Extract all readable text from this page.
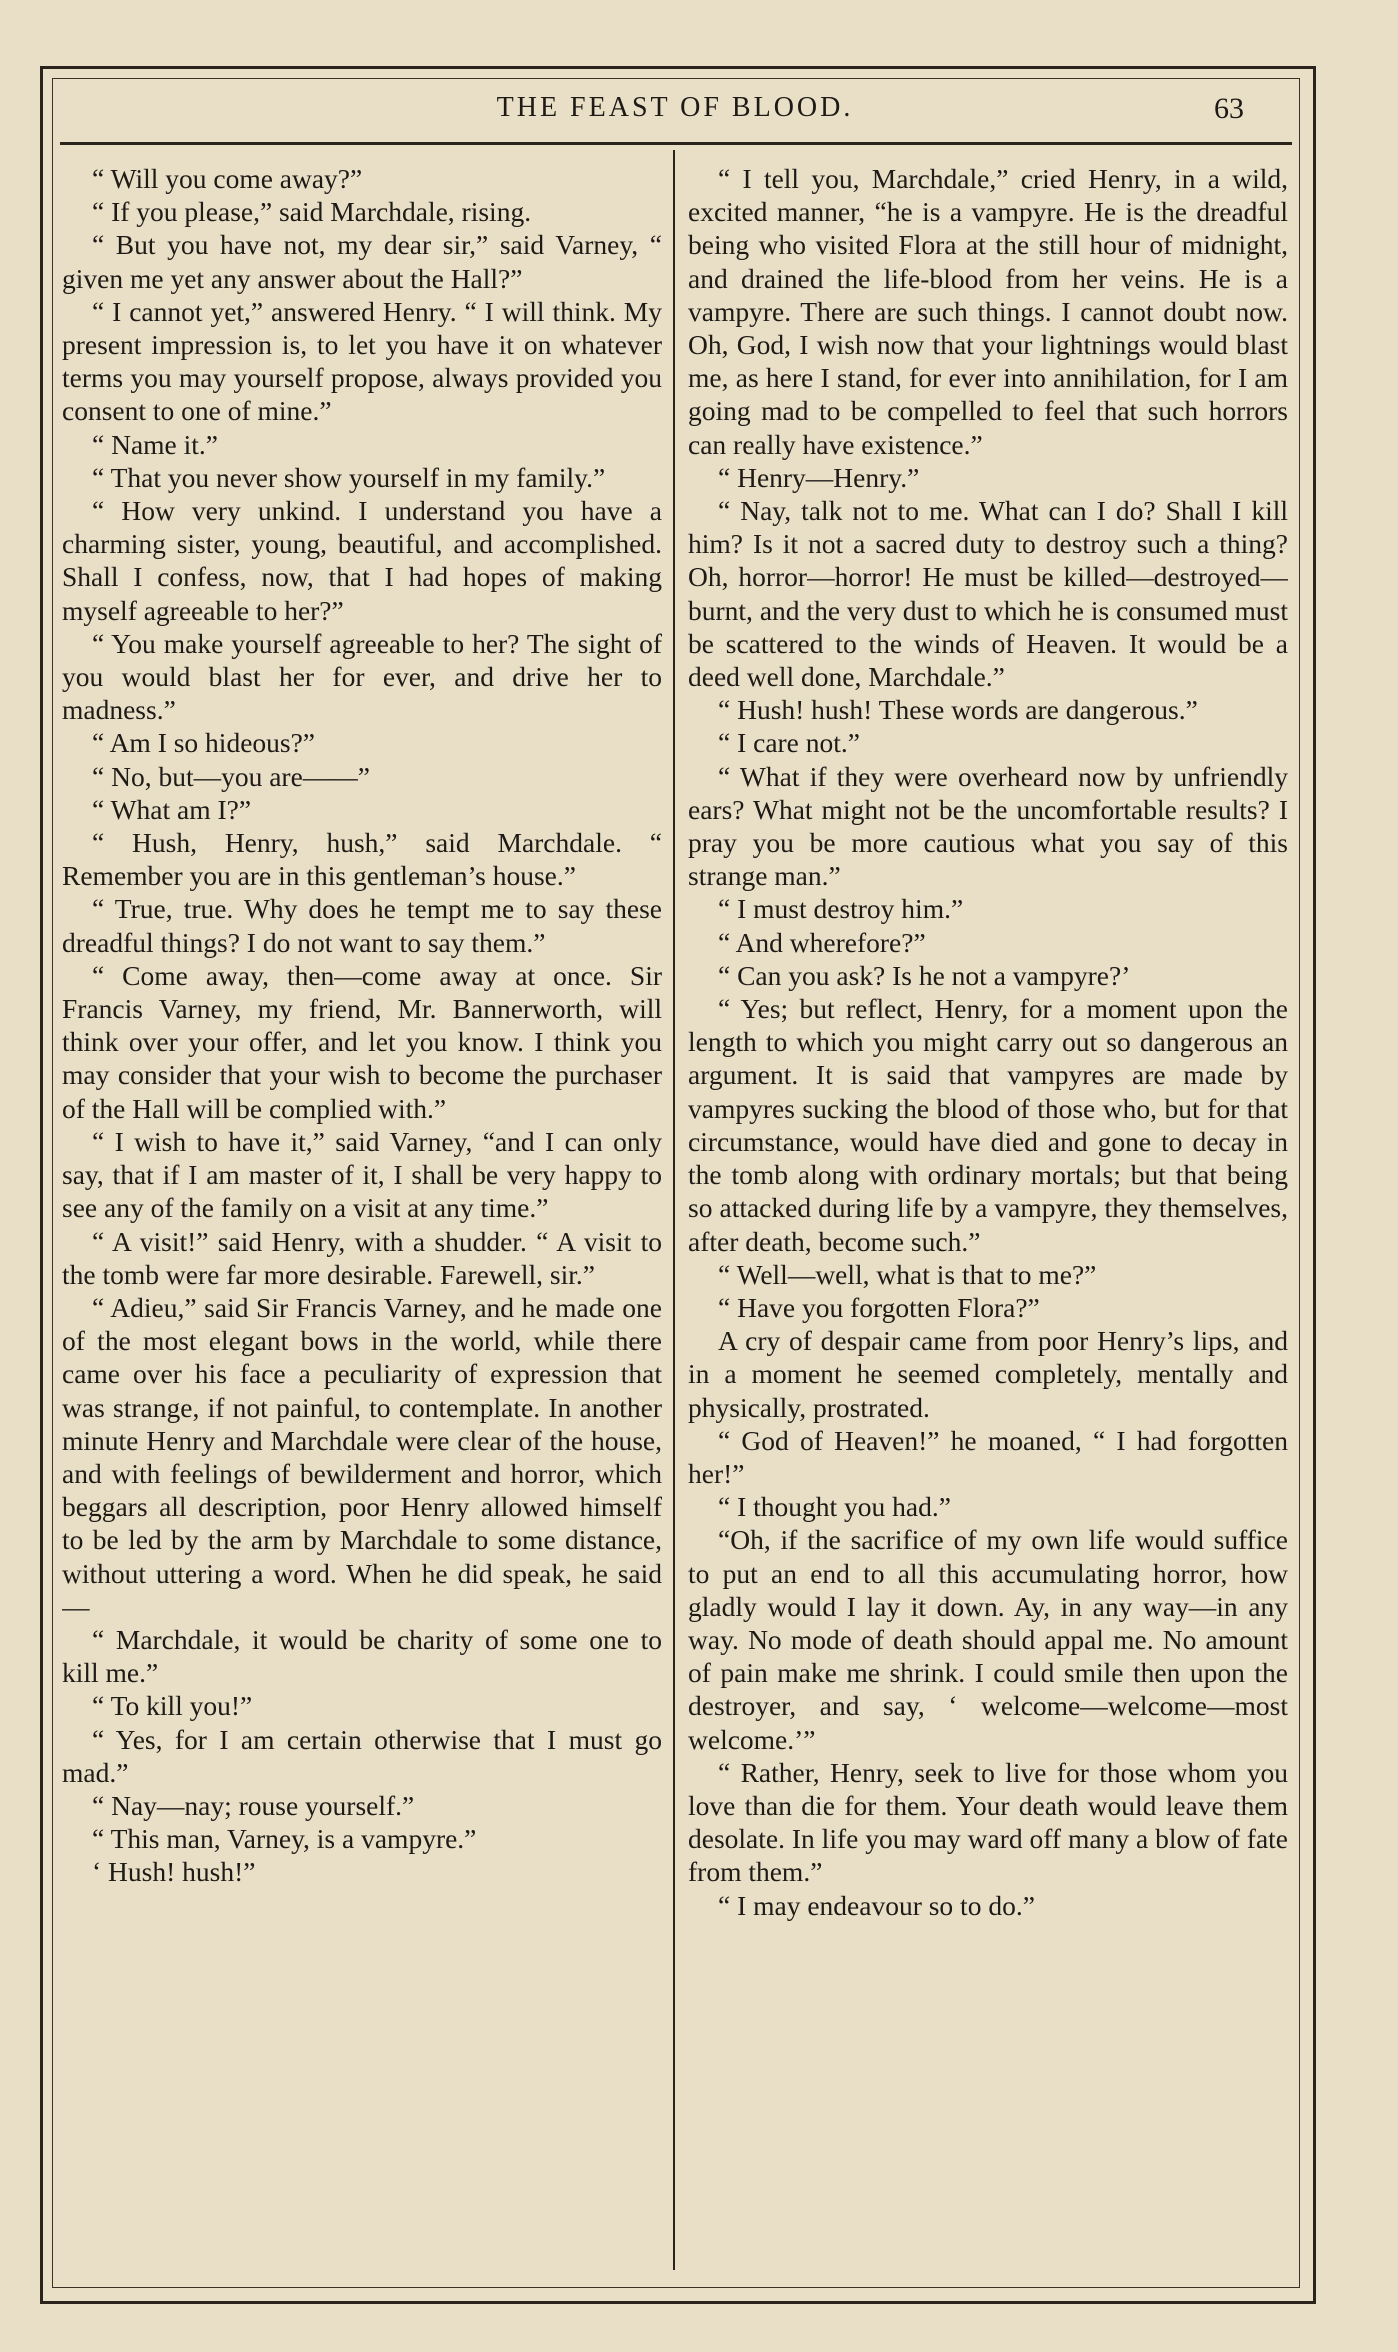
THE FEAST OF BLOOD.	63

“ Will you come away?”

“ If you please,” said Marchdale, rising.

“ But you have not, my dear sir,” said Varney, “ given me yet any answer about the Hall?”

“ I cannot yet,” answered Henry. “ I will think. My present impression is, to let you have it on whatever terms you may yourself propose, always provided you consent to one of mine.”

“ Name it.”

“ That you never show yourself in my family.”

“ How very unkind. I understand you have a charming sister, young, beautiful, and accomplished. Shall I confess, now, that I had hopes of making myself agreeable to her?”

“ You make yourself agreeable to her? The sight of you would blast her for ever, and drive her to madness.”

“ Am I so hideous?”

“ No, but—you are——”

“ What am I?”

“ Hush, Henry, hush,” said Marchdale. “ Remember you are in this gentleman’s house.”

“ True, true. Why does he tempt me to say these dreadful things? I do not want to say them.”

“ Come away, then—come away at once. Sir Francis Varney, my friend, Mr. Bannerworth, will think over your offer, and let you know. I think you may consider that your wish to become the purchaser of the Hall will be complied with.”

“ I wish to have it,” said Varney, “and I can only say, that if I am master of it, I shall be very happy to see any of the family on a visit at any time.”

“ A visit!” said Henry, with a shudder. “ A visit to the tomb were far more desirable. Farewell, sir.”

“ Adieu,” said Sir Francis Varney, and he made one of the most elegant bows in the world, while there came over his face a peculiarity of expression that was strange, if not painful, to contemplate. In another minute Henry and Marchdale were clear of the house, and with feelings of bewilderment and horror, which beggars all description, poor Henry allowed himself to be led by the arm by Marchdale to some distance, without uttering a word. When he did speak, he said—

“ Marchdale, it would be charity of some one to kill me.”

“ To kill you!”

“ Yes, for I am certain otherwise that I must go mad.”

“ Nay—nay; rouse yourself.”

“ This man, Varney, is a vampyre.”

‘ Hush! hush!”

“ I tell you, Marchdale,” cried Henry, in a wild, excited manner, “he is a vampyre. He is the dreadful being who visited Flora at the still hour of midnight, and drained the life-blood from her veins. He is a vampyre. There are such things. I cannot doubt now. Oh, God, I wish now that your lightnings would blast me, as here I stand, for ever into annihilation, for I am going mad to be compelled to feel that such horrors can really have existence.”

“ Henry—Henry.”

“ Nay, talk not to me. What can I do? Shall I kill him? Is it not a sacred duty to destroy such a thing? Oh, horror—horror! He must be killed—destroyed—burnt, and the very dust to which he is consumed must be scattered to the winds of Heaven. It would be a deed well done, Marchdale.”

“ Hush! hush! These words are dangerous.”

“ I care not.”

“ What if they were overheard now by unfriendly ears? What might not be the uncomfortable results? I pray you be more cautious what you say of this strange man.”

“ I must destroy him.”

“ And wherefore?”

“ Can you ask? Is he not a vampyre?’

“ Yes; but reflect, Henry, for a moment upon the length to which you might carry out so dangerous an argument. It is said that vampyres are made by vampyres sucking the blood of those who, but for that circumstance, would have died and gone to decay in the tomb along with ordinary mortals; but that being so attacked during life by a vampyre, they themselves, after death, become such.”

“ Well—well, what is that to me?”

“ Have you forgotten Flora?”

A cry of despair came from poor Henry’s lips, and in a moment he seemed completely, mentally and physically, prostrated.

“ God of Heaven!” he moaned, “ I had forgotten her!”

“ I thought you had.”

“Oh, if the sacrifice of my own life would suffice to put an end to all this accumulating horror, how gladly would I lay it down. Ay, in any way—in any way. No mode of death should appal me. No amount of pain make me shrink. I could smile then upon the destroyer, and say, ‘ welcome—welcome—most welcome.’”

“ Rather, Henry, seek to live for those whom you love than die for them. Your death would leave them desolate. In life you may ward off many a blow of fate from them.”

“ I may endeavour so to do.”
